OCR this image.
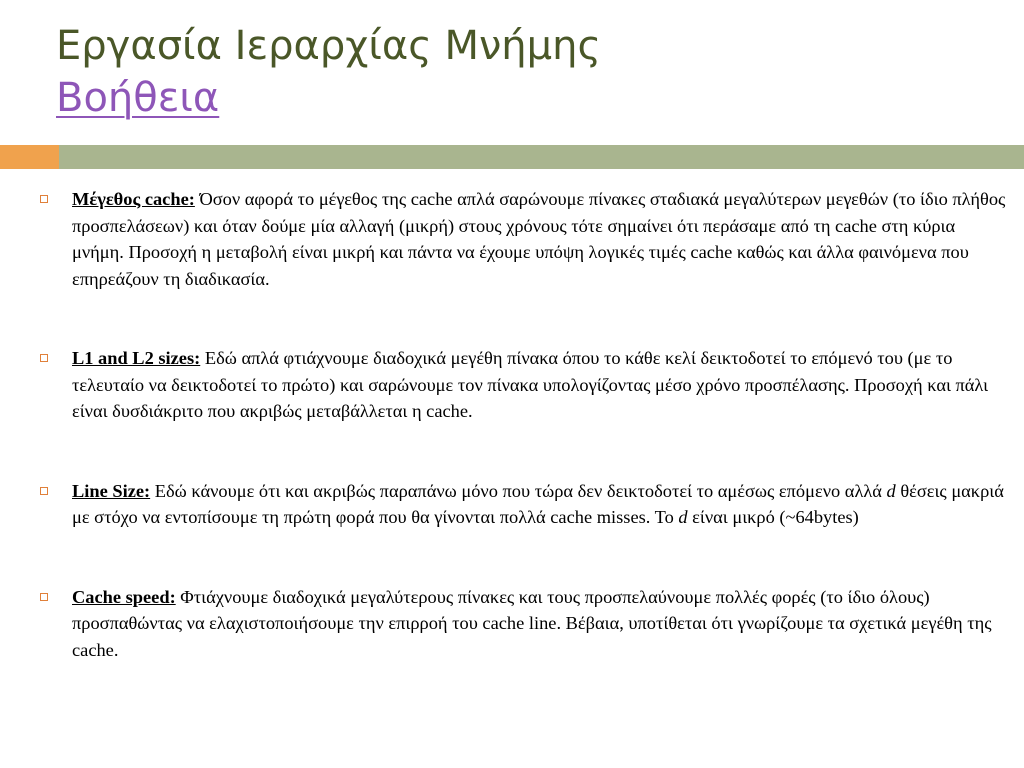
Εργασία Ιεραρχίας Μνήμης
Βοήθεια
Μέγεθος cache: Όσον αφορά το μέγεθος της cache απλά σαρώνουμε πίνακες σταδιακά μεγαλύτερων μεγεθών (το ίδιο πλήθος προσπελάσεων) και όταν δούμε μία αλλαγή (μικρή) στους χρόνους τότε σημαίνει ότι περάσαμε από τη cache στη κύρια μνήμη. Προσοχή η μεταβολή είναι μικρή και πάντα να έχουμε υπόψη λογικές τιμές cache καθώς και άλλα φαινόμενα που επηρεάζουν τη διαδικασία.
L1 and L2 sizes: Εδώ απλά φτιάχνουμε διαδοχικά μεγέθη πίνακα όπου το κάθε κελί δεικτοδοτεί το επόμενό του (με το τελευταίο να δεικτοδοτεί το πρώτο) και σαρώνουμε τον πίνακα υπολογίζοντας μέσο χρόνο προσπέλασης. Προσοχή και πάλι είναι δυσδιάκριτο που ακριβώς μεταβάλλεται η cache.
Line Size: Εδώ κάνουμε ότι και ακριβώς παραπάνω μόνο που τώρα δεν δεικτοδοτεί το αμέσως επόμενο αλλά d θέσεις μακριά με στόχο να εντοπίσουμε τη πρώτη φορά που θα γίνονται πολλά cache misses. To d είναι μικρό (~64bytes)
Cache speed: Φτιάχνουμε διαδοχικά μεγαλύτερους πίνακες και τους προσπελαύνουμε πολλές φορές (το ίδιο όλους) προσπαθώντας να ελαχιστοποιήσουμε την επιρροή του cache line. Βέβαια, υποτίθεται ότι γνωρίζουμε τα σχετικά μεγέθη της cache.
